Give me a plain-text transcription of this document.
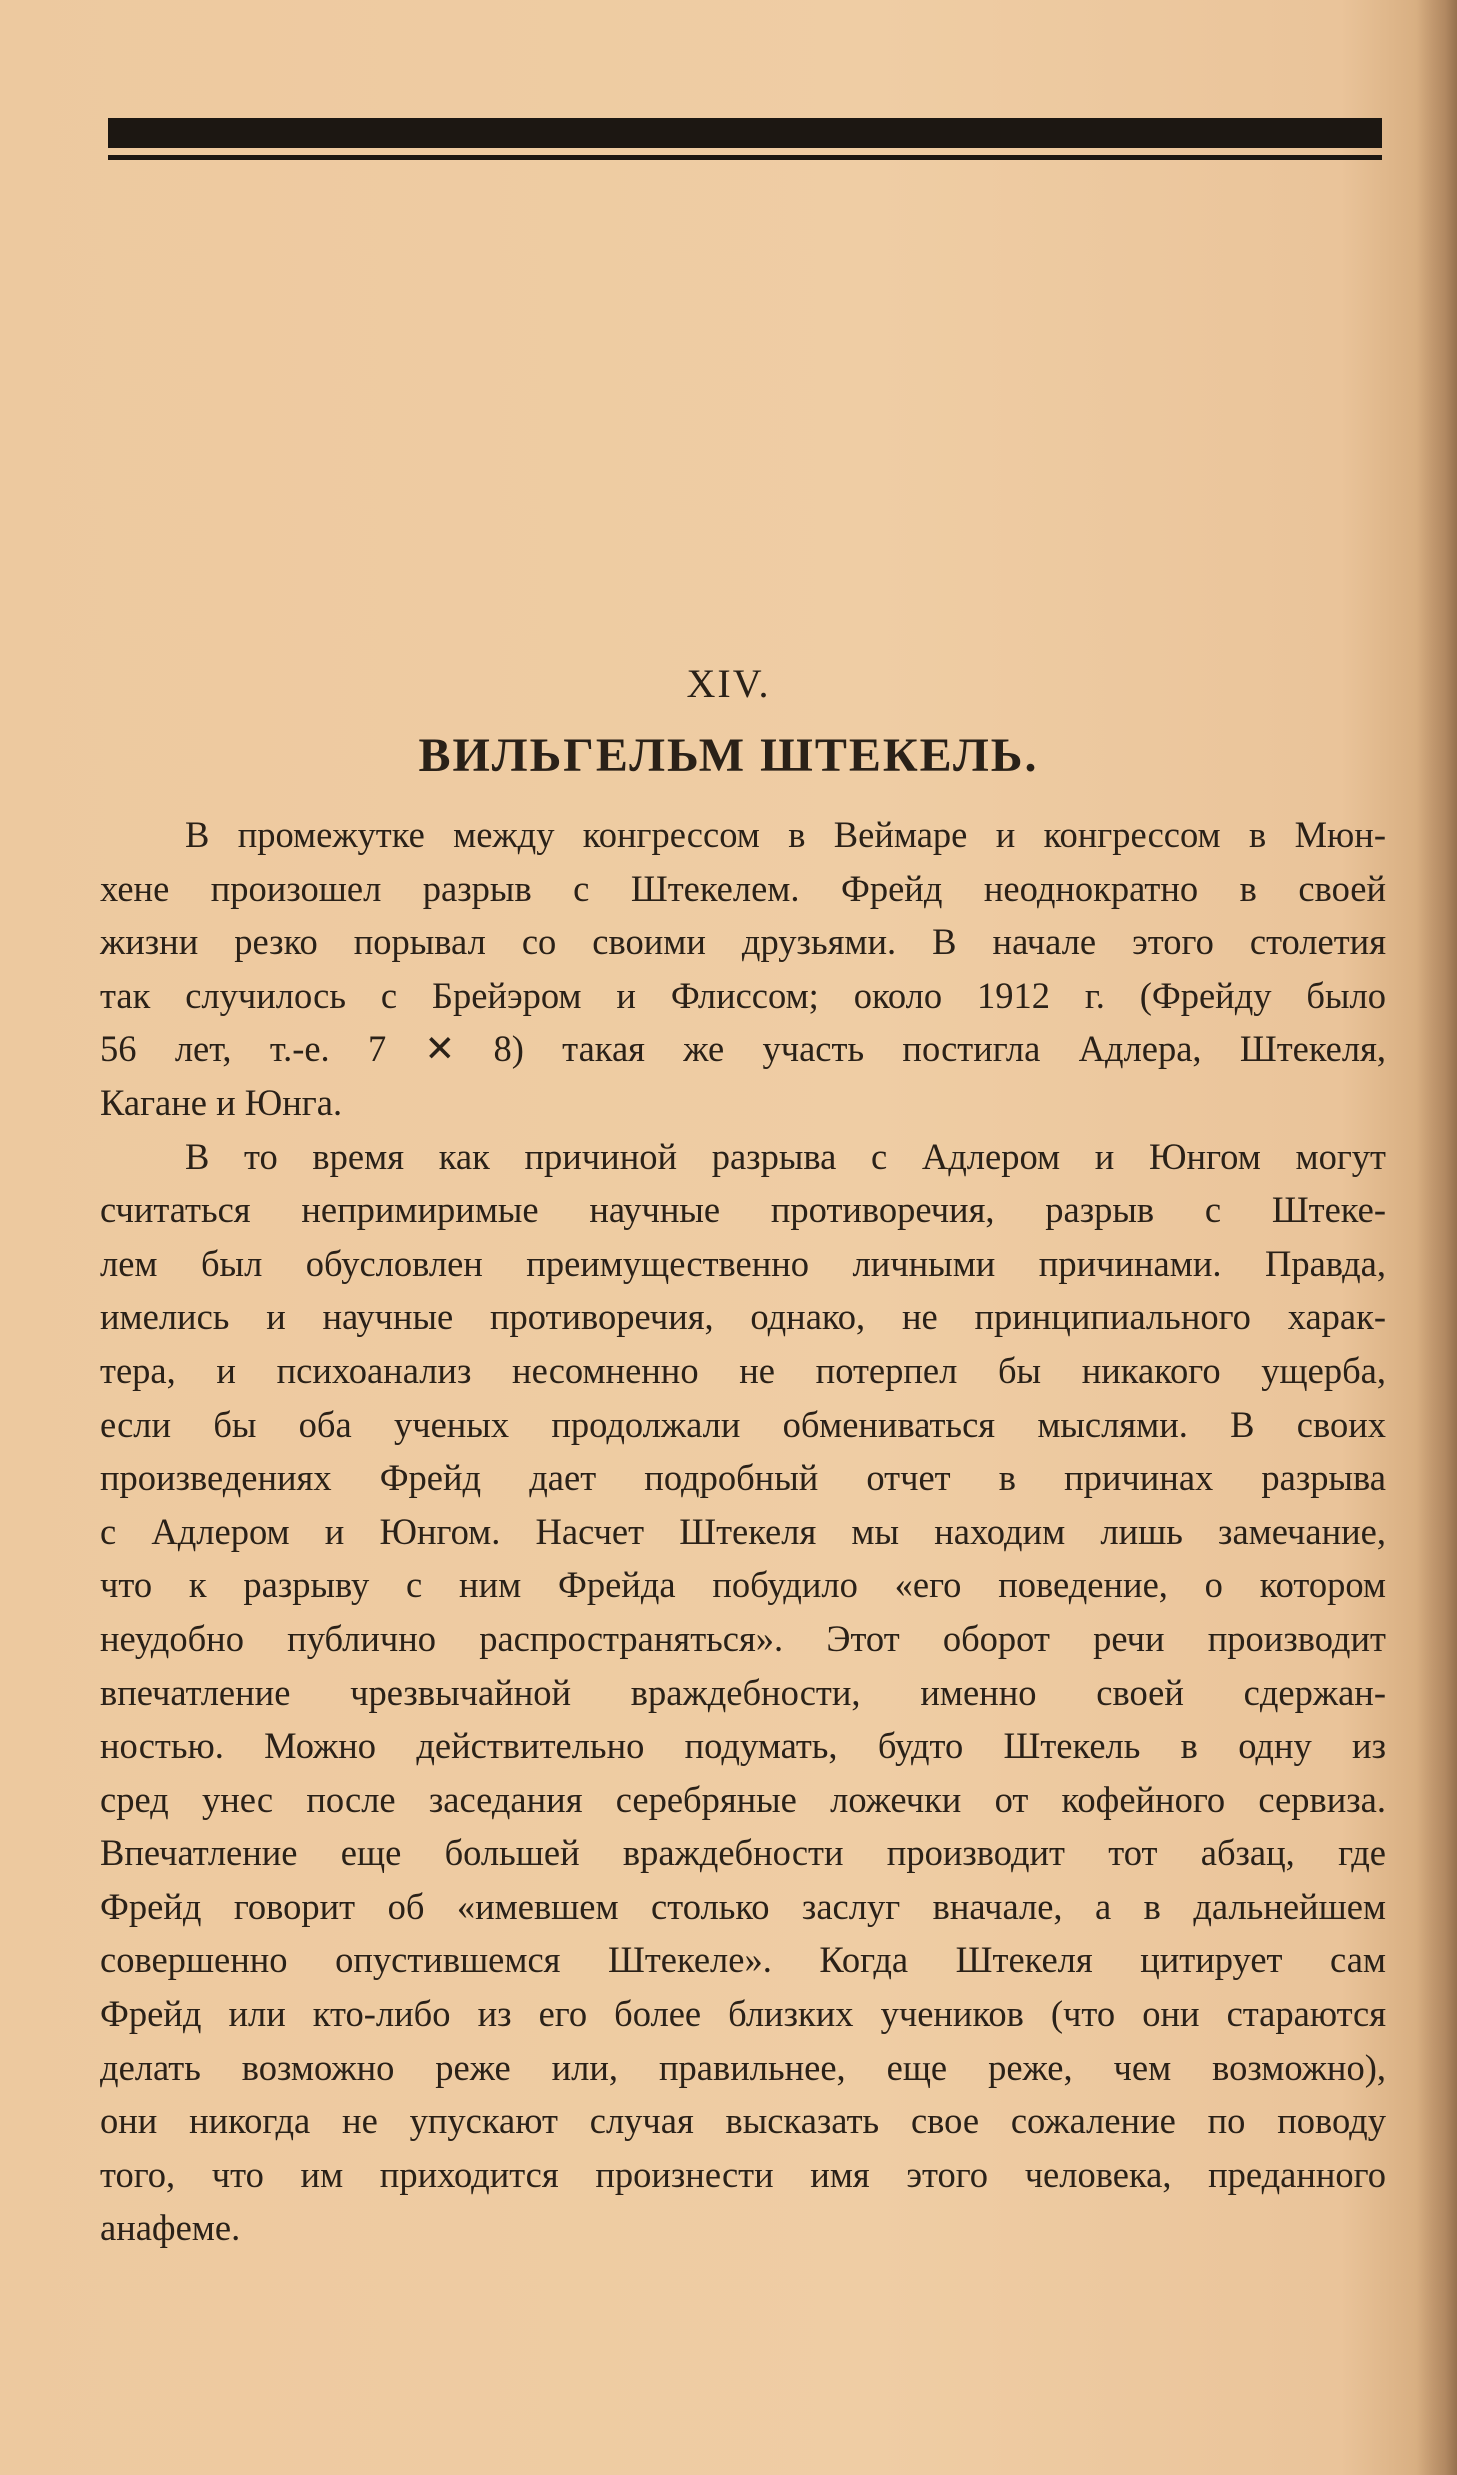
XIV.
ВИЛЬГЕЛЬМ ШТЕКЕЛЬ.

В промежутке между конгрессом в Веймаре и конгрессом в Мюн-
хене произошел разрыв с Штекелем. Фрейд неоднократно в своей
жизни резко порывал со своими друзьями. В начале этого столетия
так случилось с Брейэром и Флиссом; около 1912 г. (Фрейду было
56 лет, т.-е. 7 ✕ 8) такая же участь постигла Адлера, Штекеля,
Кагане и Юнга.

В то время как причиной разрыва с Адлером и Юнгом могут
считаться непримиримые научные противоречия, разрыв с Штеке-
лем был обусловлен преимущественно личными причинами. Правда,
имелись и научные противоречия, однако, не принципиального харак-
тера, и психоанализ несомненно не потерпел бы никакого ущерба,
если бы оба ученых продолжали обмениваться мыслями. В своих
произведениях Фрейд дает подробный отчет в причинах разрыва
с Адлером и Юнгом. Насчет Штекеля мы находим лишь замечание,
что к разрыву с ним Фрейда побудило «его поведение, о котором
неудобно публично распространяться». Этот оборот речи производит
впечатление чрезвычайной враждебности, именно своей сдержан-
ностью. Можно действительно подумать, будто Штекель в одну из
сред унес после заседания серебряные ложечки от кофейного сервиза.
Впечатление еще большей враждебности производит тот абзац, где
Фрейд говорит об «имевшем столько заслуг вначале, а в дальнейшем
совершенно опустившемся Штекеле». Когда Штекеля цитирует сам
Фрейд или кто-либо из его более близких учеников (что они стараются
делать возможно реже или, правильнее, еще реже, чем возможно),
они никогда не упускают случая высказать свое сожаление по поводу
того, что им приходится произнести имя этого человека, преданного
анафеме.
